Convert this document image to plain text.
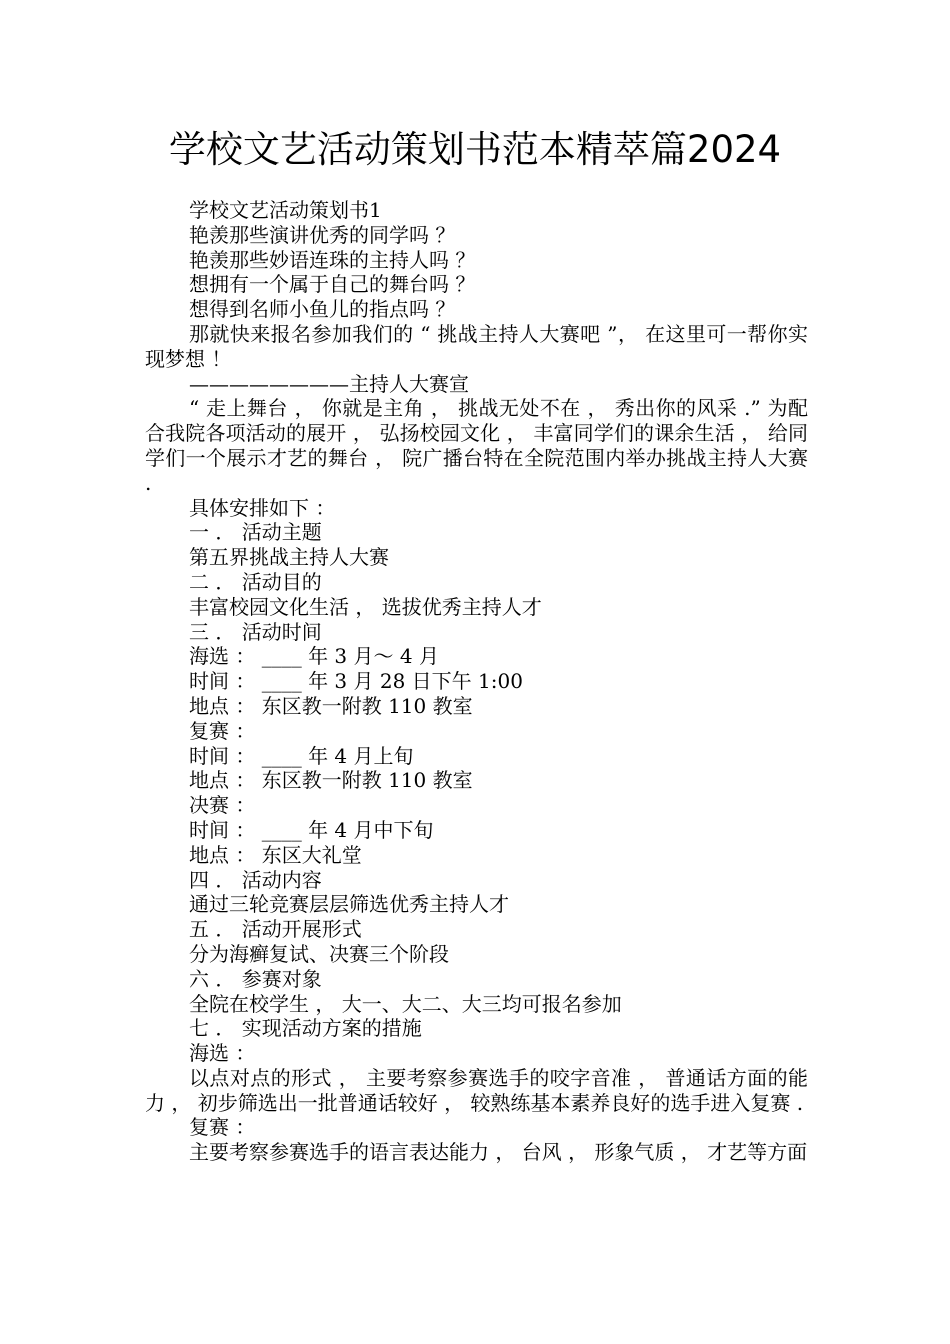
学校文艺活动策划书范本精萃篇2024

学校文艺活动策划书1

艳羡那些演讲优秀的同学吗 ？

艳羡那些妙语连珠的主持人吗 ？

想拥有一个属于自己的舞台吗 ？

想得到名师小鱼儿的指点吗 ？

那就快来报名参加我们的 “ 挑战主持人大赛吧 ”， 在这里可一帮你实现梦想 ！

————————主持人大赛宣

“ 走上舞台 ， 你就是主角 ， 挑战无处不在 ， 秀出你的风采 .” 为配合我院各项活动的展开 ， 弘扬校园文化 ， 丰富同学们的课余生活 ， 给同学们一个展示才艺的舞台 ， 院广播台特在全院范围内举办挑战主持人大赛 .

具体安排如下 ：

一 ． 活动主题

第五界挑战主持人大赛

二 ． 活动目的

丰富校园文化生活 ， 选拔优秀主持人才

三 ． 活动时间

海选 ： ____ 年 3 月～ 4 月

时间 ： ____ 年 3 月 28 日下午 1:00

地点 ： 东区教一附教 110 教室

复赛 ：

时间 ： ____ 年 4 月上旬

地点 ： 东区教一附教 110 教室

决赛 ：

时间 ： ____ 年 4 月中下旬

地点 ： 东区大礼堂

四 ． 活动内容

通过三轮竞赛层层筛选优秀主持人才

五 ． 活动开展形式

分为海癣复试、决赛三个阶段

六 ． 参赛对象

全院在校学生 ， 大一、大二、大三均可报名参加

七 ． 实现活动方案的措施

海选 ：

以点对点的形式 ， 主要考察参赛选手的咬字音准 ， 普通话方面的能力 ， 初步筛选出一批普通话较好 ， 较熟练基本素养良好的选手进入复赛 .

复赛 ：

主要考察参赛选手的语言表达能力 ， 台风 ， 形象气质 ， 才艺等方面
